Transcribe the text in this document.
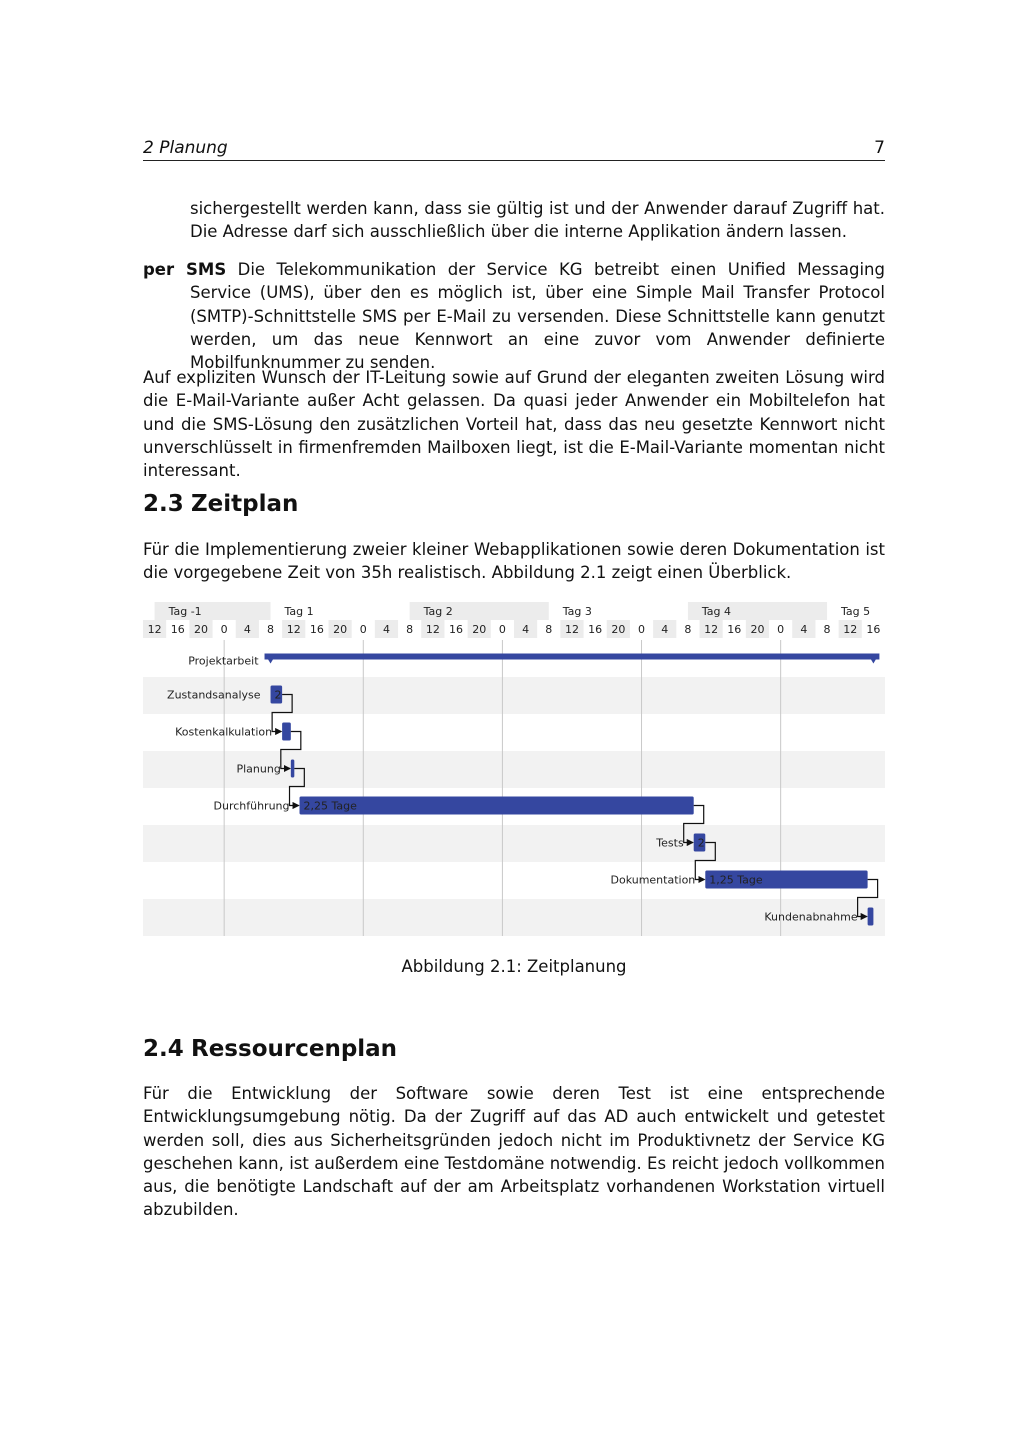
2 Planung	7
sichergestellt werden kann, dass sie gültig ist und der Anwender darauf Zugriff hat. Die Adresse darf sich ausschließlich über die interne Applikation ändern lassen.
per SMS Die Telekommunikation der Service KG betreibt einen Unified Messaging Service (UMS), über den es möglich ist, über eine Simple Mail Transfer Protocol (SMTP)-Schnittstelle SMS per E-Mail zu versenden. Diese Schnittstelle kann genutzt werden, um das neue Kennwort an eine zuvor vom Anwender definierte Mobilfunknummer zu senden.
Auf expliziten Wunsch der IT-Leitung sowie auf Grund der eleganten zweiten Lösung wird die E-Mail-Variante außer Acht gelassen. Da quasi jeder Anwender ein Mobiltelefon hat und die SMS-Lösung den zusätzlichen Vorteil hat, dass das neu gesetzte Kennwort nicht unverschlüsselt in firmenfremden Mailboxen liegt, ist die E-Mail-Variante momentan nicht interessant.
2.3 Zeitplan
Für die Implementierung zweier kleiner Webapplikationen sowie deren Dokumentation ist die vorgegebene Zeit von 35h realistisch. Abbildung 2.1 zeigt einen Überblick.
Tag -1	Tag 1	Tag 2	Tag 3	Tag 4	Tag 5
12 16 20 0 4 8 12 16 20 0 4 8 12 16 20 0 4 8 12 16 20 0 4 8 12 16 20 0 4 8 12 16
Projektarbeit
2
Zustandsanalyse
Kostenkalkulation
Planung
2,25 Tage
Durchführung
2
Tests
1,25 Tage
Dokumentation
Kundenabnahme
Abbildung 2.1: Zeitplanung
2.4 Ressourcenplan
Für die Entwicklung der Software sowie deren Test ist eine entsprechende Entwicklungsumgebung nötig. Da der Zugriff auf das AD auch entwickelt und getestet werden soll, dies aus Sicherheitsgründen jedoch nicht im Produktivnetz der Service KG geschehen kann, ist außerdem eine Testdomäne notwendig. Es reicht jedoch vollkommen aus, die benötigte Landschaft auf der am Arbeitsplatz vorhandenen Workstation virtuell abzubilden.
